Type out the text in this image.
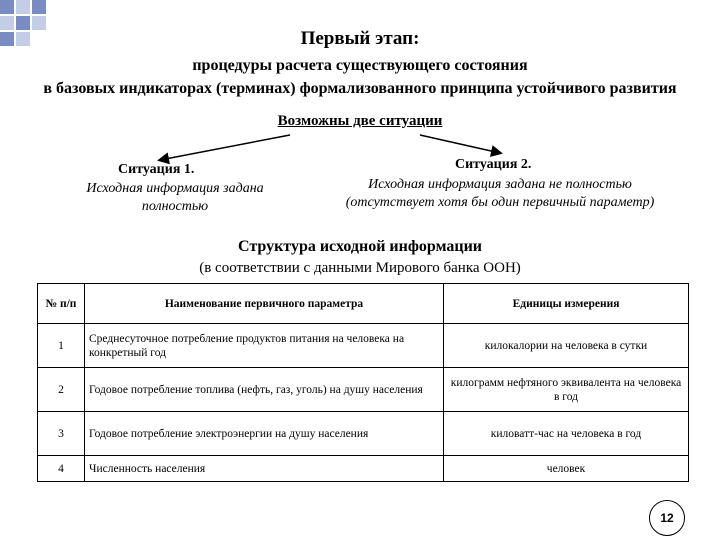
Первый этап:
процедуры расчета существующего состояния
в базовых индикаторах (терминах) формализованного принципа устойчивого развития
Возможны две ситуации
Ситуация 1.
Исходная информация задана полностью
Ситуация 2.
Исходная информация задана не полностью (отсутствует хотя бы один первичный параметр)
Структура исходной информации
(в соответствии с данными Мирового банка ООН)
№ п/п	Наименование первичного параметра	Единицы измерения
1	Среднесуточное потребление продуктов питания на человека на конкретный год	килокалории на человека в сутки
2	Годовое потребление топлива (нефть, газ, уголь) на душу населения	килограмм нефтяного эквивалента на человека в год
3	Годовое потребление электроэнергии на душу населения	киловатт-час на человека в год
4	Численность населения	человек
12
